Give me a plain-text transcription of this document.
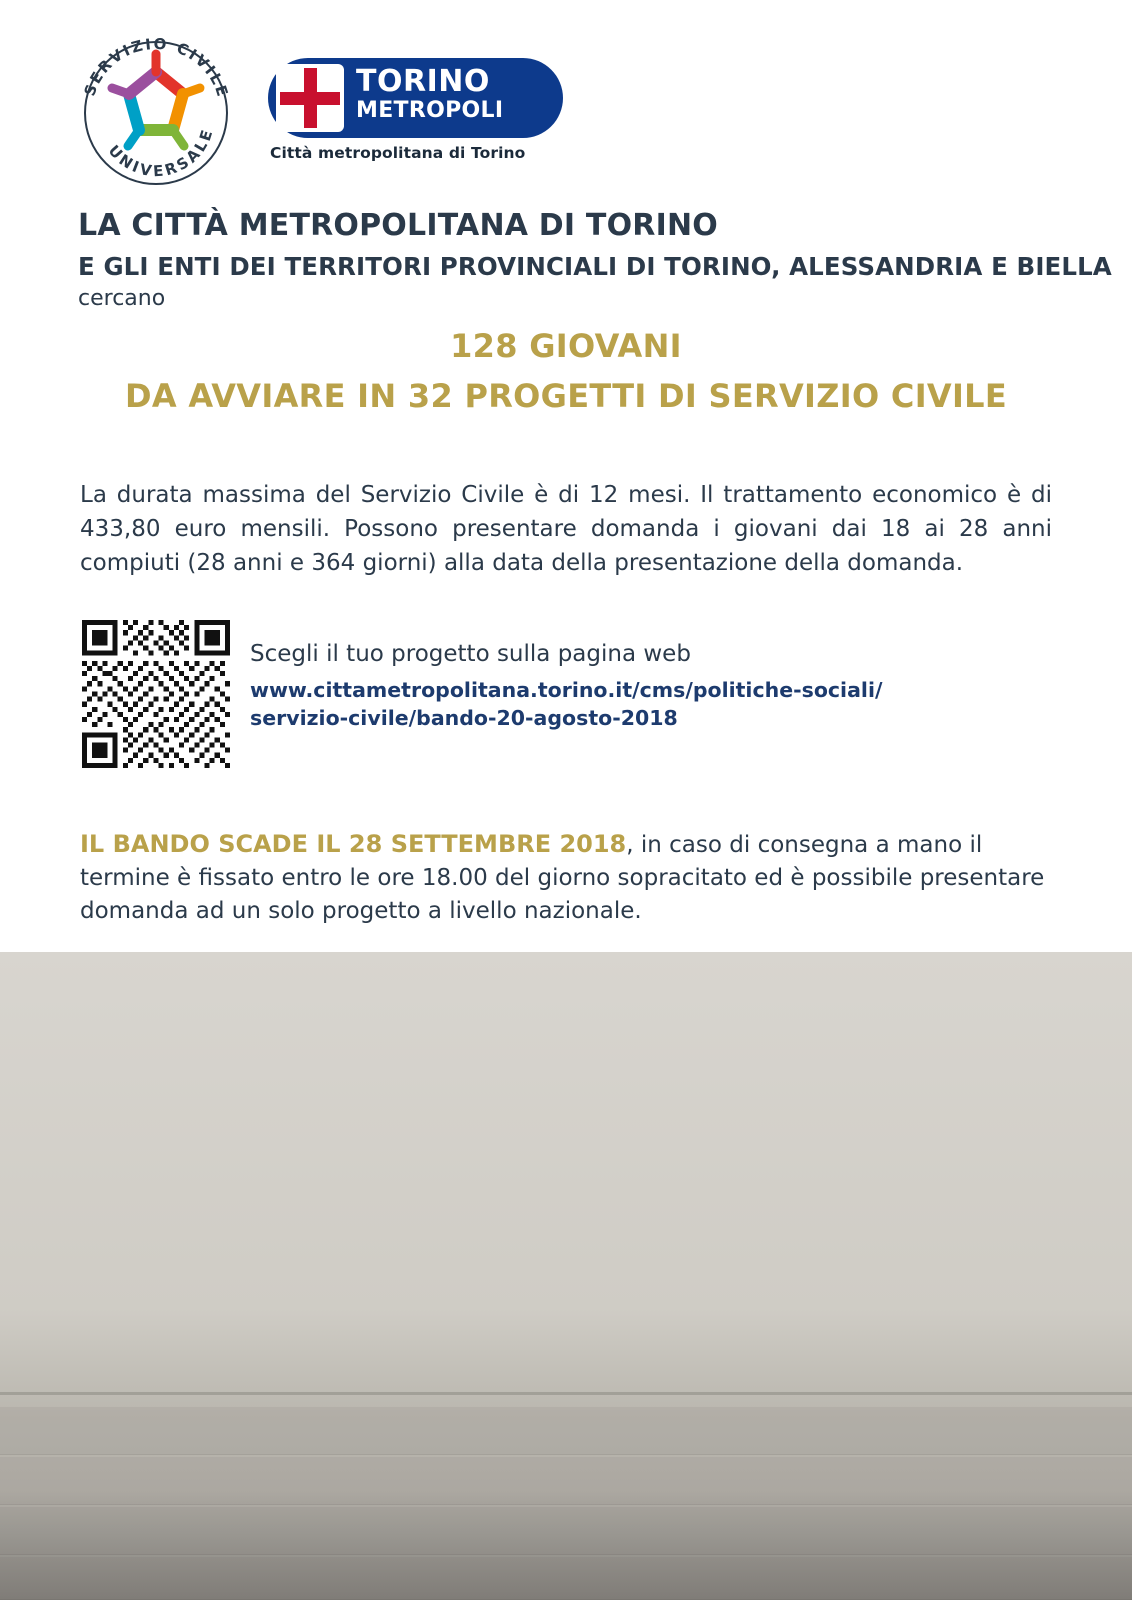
SERVIZIO CIVILE
UNIVERSALE
TORINO
METROPOLI
Città metropolitana di Torino
LA CITTÀ METROPOLITANA DI TORINO
E GLI ENTI DEI TERRITORI PROVINCIALI DI TORINO, ALESSANDRIA E BIELLA
cercano
128 GIOVANI
DA AVVIARE IN 32 PROGETTI DI SERVIZIO CIVILE
La durata massima del Servizio Civile è di 12 mesi. Il trattamento economico è di 433,80 euro mensili. Possono presentare domanda i giovani dai 18 ai 28 anni compiuti (28 anni e 364 giorni) alla data della presentazione della domanda.
Scegli il tuo progetto sulla pagina web
www.cittametropolitana.torino.it/cms/politiche-sociali/
servizio-civile/bando-20-agosto-2018
IL BANDO SCADE IL 28 SETTEMBRE 2018, in caso di consegna a mano il termine è fissato entro le ore 18.00 del giorno sopracitato ed è possibile presentare domanda ad un solo progetto a livello nazionale.
